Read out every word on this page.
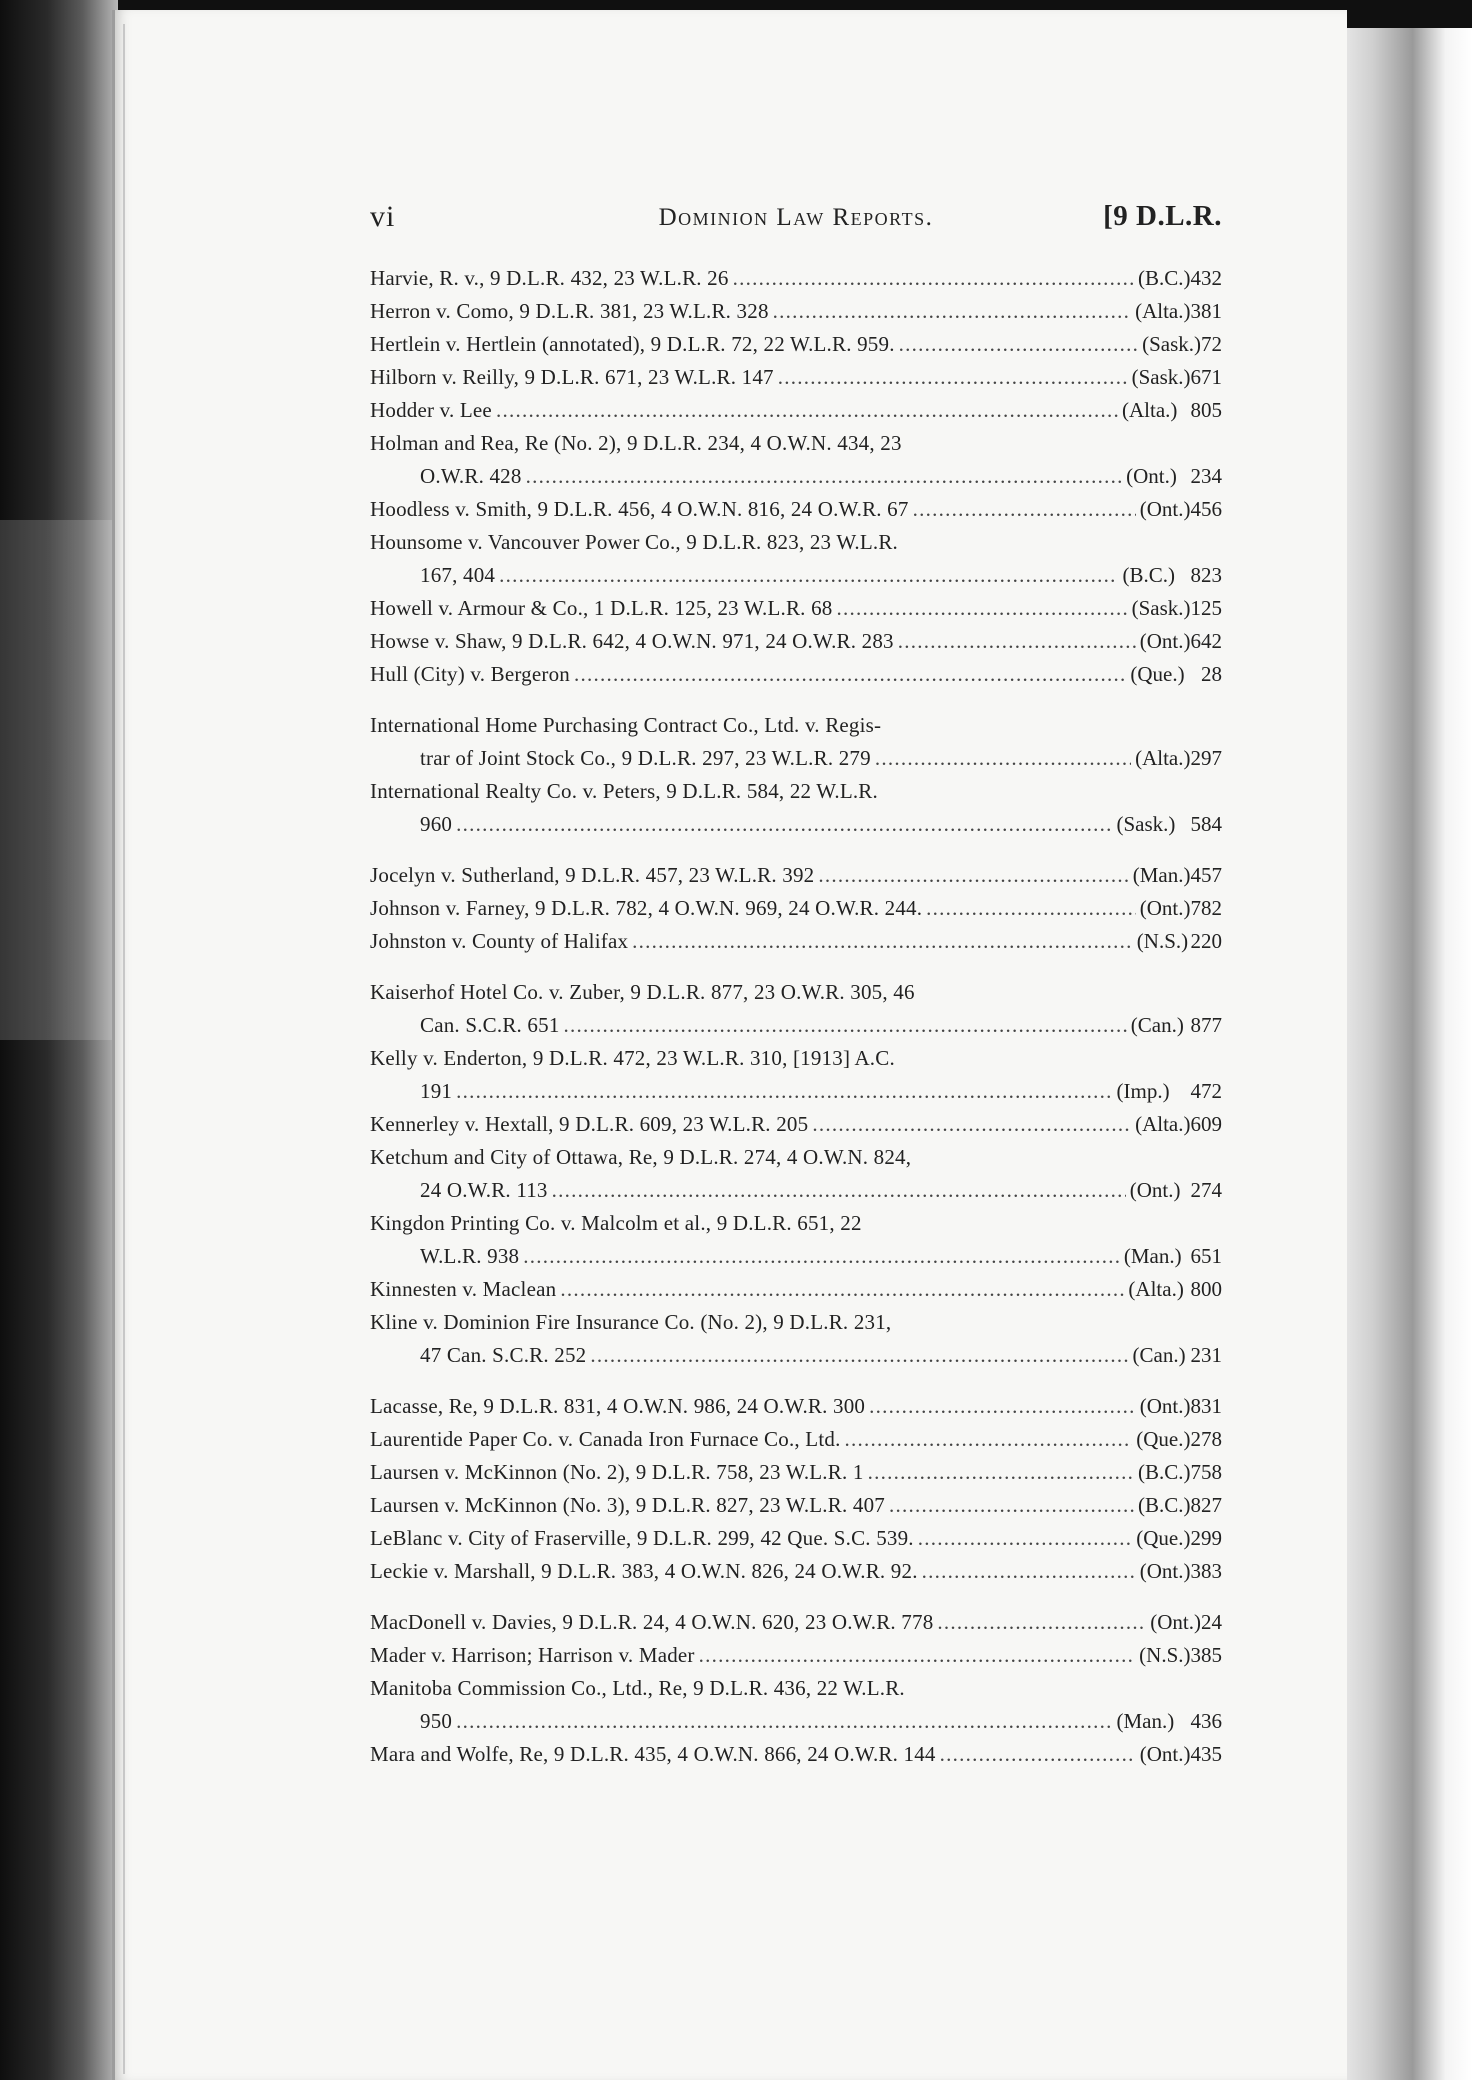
vi	Dominion Law Reports.	[9 D.L.R.
Harvie, R. v., 9 D.L.R. 432, 23 W.L.R. 26 . . .	(B.C.) 432
Herron v. Como, 9 D.L.R. 381, 23 W.L.R. 328 . . .	(Alta.) 381
Hertlein v. Hertlein (annotated), 9 D.L.R. 72, 22 W.L.R. 959. . . .	(Sask.) 72
Hilborn v. Reilly, 9 D.L.R. 671, 23 W.L.R. 147 . . .	(Sask.) 671
Hodder v. Lee . . .	(Alta.) 805
Holman and Rea, Re (No. 2), 9 D.L.R. 234, 4 O.W.N. 434, 23
O.W.R. 428 . . .	(Ont.) 234
Hoodless v. Smith, 9 D.L.R. 456, 4 O.W.N. 816, 24 O.W.R. 67 . . .	(Ont.) 456
Hounsome v. Vancouver Power Co., 9 D.L.R. 823, 23 W.L.R.
167, 404 . . .	(B.C.) 823
Howell v. Armour & Co., 1 D.L.R. 125, 23 W.L.R. 68 . . .	(Sask.) 125
Howse v. Shaw, 9 D.L.R. 642, 4 O.W.N. 971, 24 O.W.R. 283 . . .	(Ont.) 642
Hull (City) v. Bergeron . . .	(Que.) 28
International Home Purchasing Contract Co., Ltd. v. Regis-
trar of Joint Stock Co., 9 D.L.R. 297, 23 W.L.R. 279 . . .	(Alta.) 297
International Realty Co. v. Peters, 9 D.L.R. 584, 22 W.L.R.
960 . . .	(Sask.) 584
Jocelyn v. Sutherland, 9 D.L.R. 457, 23 W.L.R. 392 . . .	(Man.) 457
Johnson v. Farney, 9 D.L.R. 782, 4 O.W.N. 969, 24 O.W.R. 244. . . .	(Ont.) 782
Johnston v. County of Halifax . . .	(N.S.) 220
Kaiserhof Hotel Co. v. Zuber, 9 D.L.R. 877, 23 O.W.R. 305, 46
Can. S.C.R. 651 . . .	(Can.) 877
Kelly v. Enderton, 9 D.L.R. 472, 23 W.L.R. 310, [1913] A.C.
191 . . .	(Imp.) 472
Kennerley v. Hextall, 9 D.L.R. 609, 23 W.L.R. 205 . . .	(Alta.) 609
Ketchum and City of Ottawa, Re, 9 D.L.R. 274, 4 O.W.N. 824,
24 O.W.R. 113 . . .	(Ont.) 274
Kingdon Printing Co. v. Malcolm et al., 9 D.L.R. 651, 22
W.L.R. 938 . . .	(Man.) 651
Kinnesten v. Maclean . . .	(Alta.) 800
Kline v. Dominion Fire Insurance Co. (No. 2), 9 D.L.R. 231,
47 Can. S.C.R. 252 . . .	(Can.) 231
Lacasse, Re, 9 D.L.R. 831, 4 O.W.N. 986, 24 O.W.R. 300 . . .	(Ont.) 831
Laurentide Paper Co. v. Canada Iron Furnace Co., Ltd. . . .	(Que.) 278
Laursen v. McKinnon (No. 2), 9 D.L.R. 758, 23 W.L.R. 1 . . .	(B.C.) 758
Laursen v. McKinnon (No. 3), 9 D.L.R. 827, 23 W.L.R. 407 . . .	(B.C.) 827
LeBlanc v. City of Fraserville, 9 D.L.R. 299, 42 Que. S.C. 539. . . .	(Que.) 299
Leckie v. Marshall, 9 D.L.R. 383, 4 O.W.N. 826, 24 O.W.R. 92. . . .	(Ont.) 383
MacDonell v. Davies, 9 D.L.R. 24, 4 O.W.N. 620, 23 O.W.R. 778 . . .	(Ont.) 24
Mader v. Harrison; Harrison v. Mader . . .	(N.S.) 385
Manitoba Commission Co., Ltd., Re, 9 D.L.R. 436, 22 W.L.R.
950 . . .	(Man.) 436
Mara and Wolfe, Re, 9 D.L.R. 435, 4 O.W.N. 866, 24 O.W.R. 144 . . .	(Ont.) 435
